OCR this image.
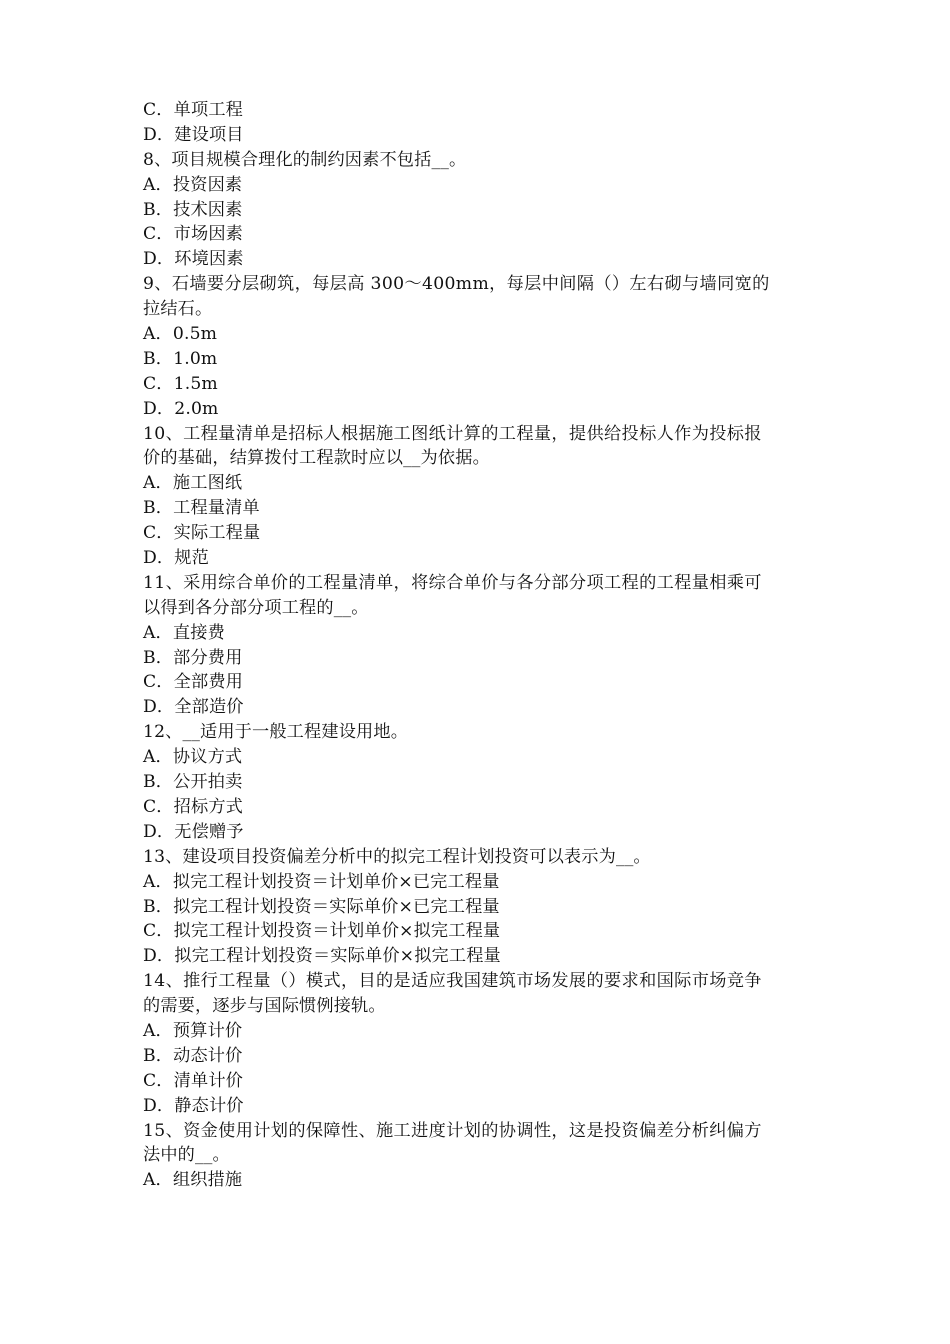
C．单项工程
D．建设项目
8、项目规模合理化的制约因素不包括__。
A．投资因素
B．技术因素
C．市场因素
D．环境因素
9、石墙要分层砌筑，每层高 300～400mm，每层中间隔（）左右砌与墙同宽的
拉结石。
A．0.5m
B．1.0m
C．1.5m
D．2.0m
10、工程量清单是招标人根据施工图纸计算的工程量，提供给投标人作为投标报
价的基础，结算拨付工程款时应以__为依据。
A．施工图纸
B．工程量清单
C．实际工程量
D．规范
11、采用综合单价的工程量清单，将综合单价与各分部分项工程的工程量相乘可
以得到各分部分项工程的__。
A．直接费
B．部分费用
C．全部费用
D．全部造价
12、__适用于一般工程建设用地。
A．协议方式
B．公开拍卖
C．招标方式
D．无偿赠予
13、建设项目投资偏差分析中的拟完工程计划投资可以表示为__。
A．拟完工程计划投资＝计划单价×已完工程量
B．拟完工程计划投资＝实际单价×已完工程量
C．拟完工程计划投资＝计划单价×拟完工程量
D．拟完工程计划投资＝实际单价×拟完工程量
14、推行工程量（）模式，目的是适应我国建筑市场发展的要求和国际市场竞争
的需要，逐步与国际惯例接轨。
A．预算计价
B．动态计价
C．清单计价
D．静态计价
15、资金使用计划的保障性、施工进度计划的协调性，这是投资偏差分析纠偏方
法中的__。
A．组织措施
